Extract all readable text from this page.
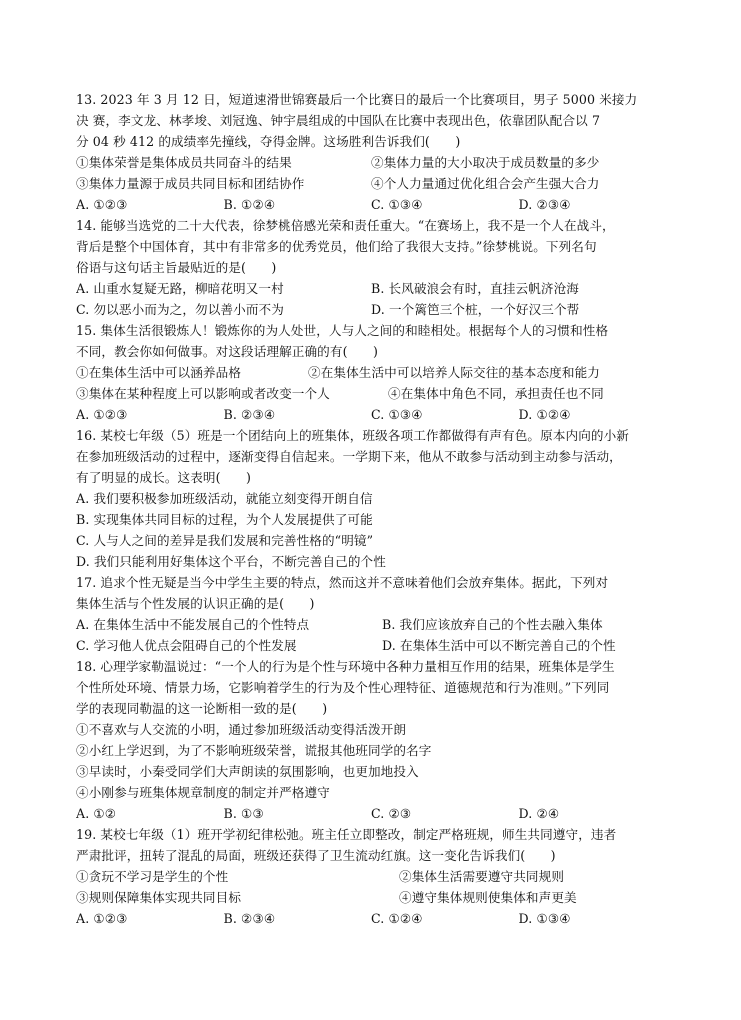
13. 2023 年 3 月 12 日，短道速滑世锦赛最后一个比赛日的最后一个比赛项目，男子 5000 米接力
决 赛，李文龙、林孝埈、刘冠逸、钟宇晨组成的中国队在比赛中表现出色，依靠团队配合以 7
分 04 秒 412 的成绩率先撞线，夺得金牌。这场胜利告诉我们(　　)
①集体荣誉是集体成员共同奋斗的结果	②集体力量的大小取决于成员数量的多少
③集体力量源于成员共同目标和团结协作	④个人力量通过优化组合会产生强大合力
A. ①②③	B. ①②④	C. ①③④	D. ②③④
14. 能够当选党的二十大代表，徐梦桃倍感光荣和责任重大。“在赛场上，我不是一个人在战斗，
背后是整个中国体育，其中有非常多的优秀党员，他们给了我很大支持。”徐梦桃说。下列名句
俗语与这句话主旨最贴近的是(　　)
A. 山重水复疑无路，柳暗花明又一村	B. 长风破浪会有时，直挂云帆济沧海
C. 勿以恶小而为之，勿以善小而不为	D. 一个篱笆三个桩，一个好汉三个帮
15. 集体生活很锻炼人！锻炼你的为人处世，人与人之间的和睦相处。根据每个人的习惯和性格
不同，教会你如何做事。对这段话理解正确的有(　　)
①在集体生活中可以涵养品格	②在集体生活中可以培养人际交往的基本态度和能力
③集体在某种程度上可以影响或者改变一个人	④在集体中角色不同，承担责任也不同
A. ①②③	B. ②③④	C. ①③④	D. ①②④
16. 某校七年级（5）班是一个团结向上的班集体，班级各项工作都做得有声有色。原本内向的小新
在参加班级活动的过程中，逐渐变得自信起来。一学期下来，他从不敢参与活动到主动参与活动，
有了明显的成长。这表明(　　)
A. 我们要积极参加班级活动，就能立刻变得开朗自信
B. 实现集体共同目标的过程，为个人发展提供了可能
C. 人与人之间的差异是我们发展和完善性格的“明镜”
D. 我们只能利用好集体这个平台，不断完善自己的个性
17. 追求个性无疑是当今中学生主要的特点，然而这并不意味着他们会放弃集体。据此，下列对
集体生活与个性发展的认识正确的是(　　)
A. 在集体生活中不能发展自己的个性特点	B. 我们应该放弃自己的个性去融入集体
C. 学习他人优点会阻碍自己的个性发展	D. 在集体生活中可以不断完善自己的个性
18. 心理学家勒温说过：“一个人的行为是个性与环境中各种力量相互作用的结果，班集体是学生
个性所处环境、情景力场，它影响着学生的行为及个性心理特征、道德规范和行为准则。”下列同
学的表现同勒温的这一论断相一致的是(　　)
①不喜欢与人交流的小明，通过参加班级活动变得活泼开朗
②小红上学迟到，为了不影响班级荣誉，谎报其他班同学的名字
③早读时，小秦受同学们大声朗读的氛围影响，也更加地投入
④小刚参与班集体规章制度的制定并严格遵守
A. ①②	B. ①③	C. ②③	D. ②④
19. 某校七年级（1）班开学初纪律松弛。班主任立即整改，制定严格班规，师生共同遵守，违者
严肃批评，扭转了混乱的局面，班级还获得了卫生流动红旗。这一变化告诉我们(　　)
①贪玩不学习是学生的个性	②集体生活需要遵守共同规则
③规则保障集体实现共同目标	④遵守集体规则使集体和声更美
A. ①②③	B. ②③④	C. ①②④	D. ①③④
